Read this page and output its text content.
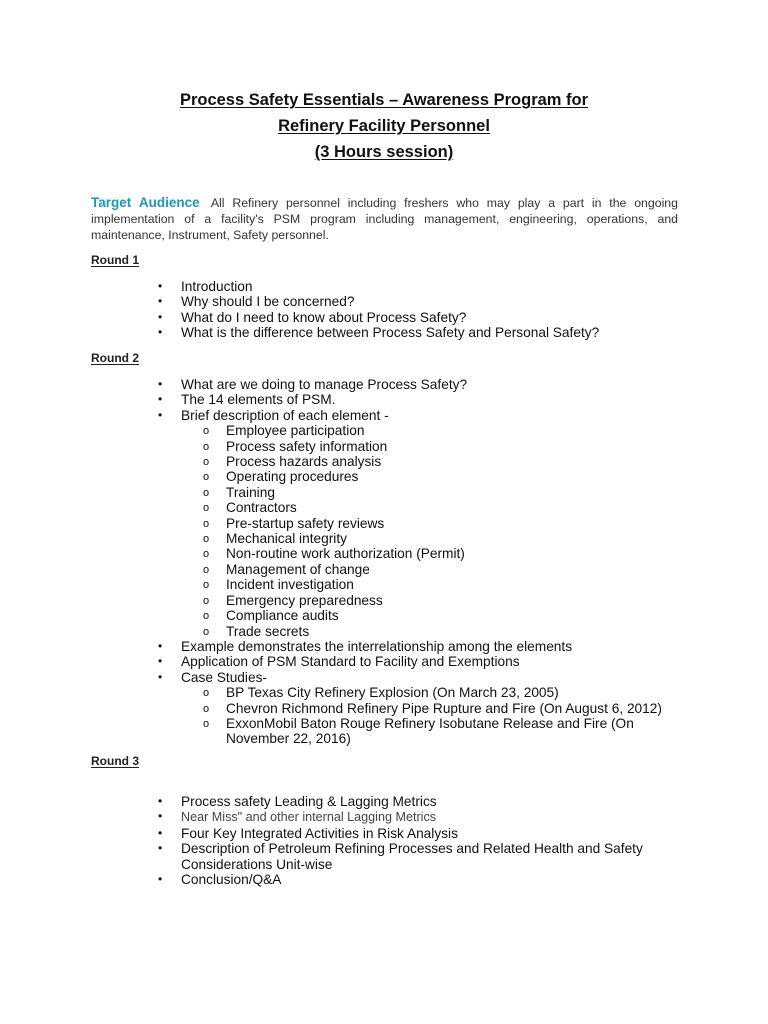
Process Safety Essentials – Awareness Program for
Refinery Facility Personnel
(3 Hours session)
Target Audience All Refinery personnel including freshers who may play a part in the ongoing implementation of a facility's PSM program including management, engineering, operations, and maintenance, Instrument, Safety personnel.
Round 1
• Introduction
• Why should I be concerned?
• What do I need to know about Process Safety?
• What is the difference between Process Safety and Personal Safety?
Round 2
• What are we doing to manage Process Safety?
• The 14 elements of PSM.
• Brief description of each element -
o Employee participation
o Process safety information
o Process hazards analysis
o Operating procedures
o Training
o Contractors
o Pre-startup safety reviews
o Mechanical integrity
o Non-routine work authorization (Permit)
o Management of change
o Incident investigation
o Emergency preparedness
o Compliance audits
o Trade secrets
• Example demonstrates the interrelationship among the elements
• Application of PSM Standard to Facility and Exemptions
• Case Studies-
o BP Texas City Refinery Explosion (On March 23, 2005)
o Chevron Richmond Refinery Pipe Rupture and Fire (On August 6, 2012)
o ExxonMobil Baton Rouge Refinery Isobutane Release and Fire (On November 22, 2016)
Round 3
• Process safety Leading & Lagging Metrics
• Near Miss" and other internal Lagging Metrics
• Four Key Integrated Activities in Risk Analysis
• Description of Petroleum Refining Processes and Related Health and Safety Considerations Unit-wise
• Conclusion/Q&A
